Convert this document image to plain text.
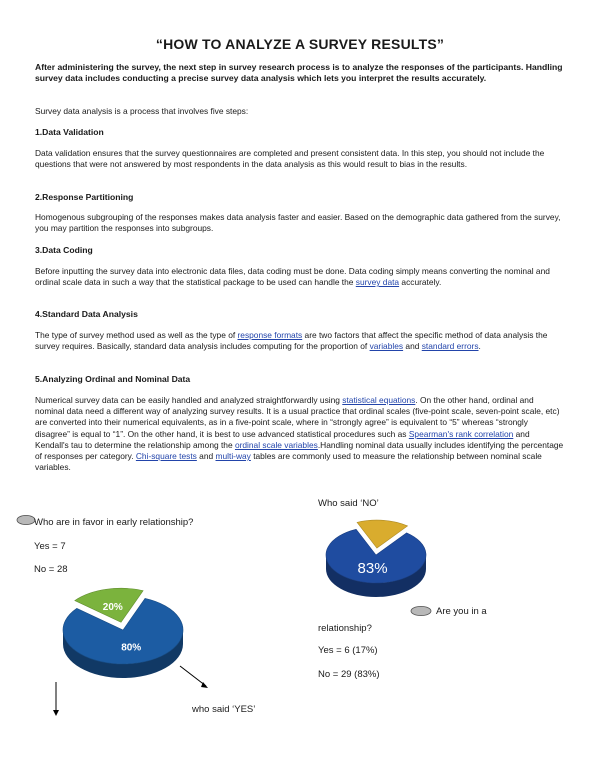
“HOW TO ANALYZE A SURVEY RESULTS”
After administering the survey, the next step in survey research process is to analyze the responses of the participants. Handling survey data includes conducting a precise survey data analysis which lets you interpret the results accurately.
Survey data analysis is a process that involves five steps:
1.Data Validation
Data validation ensures that the survey questionnaires are completed and present consistent data. In this step, you should not include the questions that were not answered by most respondents in the data analysis as this would result to bias in the results.
2.Response Partitioning
Homogenous subgrouping of the responses makes data analysis faster and easier. Based on the demographic data gathered from the survey, you may partition the responses into subgroups.
3.Data Coding
Before inputting the survey data into electronic data files, data coding must be done. Data coding simply means converting the nominal and ordinal scale data in such a way that the statistical package to be used can handle the survey data accurately.
4.Standard Data Analysis
The type of survey method used as well as the type of response formats are two factors that affect the specific method of data analysis the survey requires. Basically, standard data analysis includes computing for the proportion of variables and standard errors.
5.Analyzing Ordinal and Nominal Data
Numerical survey data can be easily handled and analyzed straightforwardly using statistical equations. On the other hand, ordinal and nominal data need a different way of analyzing survey results. It is a usual practice that ordinal scales (five-point scale, seven-point scale, etc) are converted into their numerical equivalents, as in a five-point scale, where in “strongly agree” is equivalent to “5” whereas “strongly disagree” is equal to “1”. On the other hand, it is best to use advanced statistical procedures such as Spearman's rank correlation and Kendall's tau to determine the relationship among the ordinal scale variables.Handling nominal data usually includes identifying the percentage of responses per category. Chi-square tests and multi-way tables are commonly used to measure the relationship between nominal scale variables.
Who are in favor in early relationship?
Yes = 7
No = 28
20%
80%
who said ‘YES’
Who said ‘NO’
83%
Are you in a
relationship?
Yes = 6 (17%)
No = 29 (83%)
